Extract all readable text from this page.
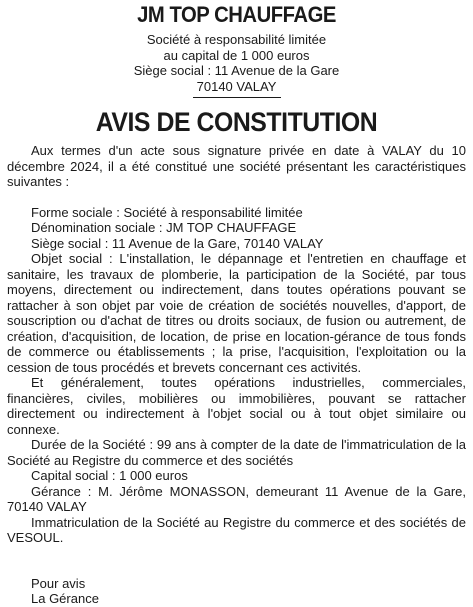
JM TOP CHAUFFAGE
Société à responsabilité limitée
au capital de 1 000 euros
Siège social : 11 Avenue de la Gare
70140 VALAY
AVIS DE CONSTITUTION

Aux termes d'un acte sous signature privée en date à VALAY du 10 décembre 2024, il a été constitué une société présentant les caractéristiques suivantes :

Forme sociale : Société à responsabilité limitée

Dénomination sociale : JM TOP CHAUFFAGE

Siège social : 11 Avenue de la Gare, 70140 VALAY

Objet social : L'installation, le dépannage et l'entretien en chauffage et sanitaire, les travaux de plomberie, la participation de la Société, par tous moyens, directement ou indirectement, dans toutes opérations pouvant se rattacher à son objet par voie de création de sociétés nouvelles, d'apport, de souscription ou d'achat de titres ou droits sociaux, de fusion ou autrement, de création, d'acquisition, de location, de prise en location-gérance de tous fonds de commerce ou établissements ; la prise, l'acquisition, l'exploitation ou la cession de tous procédés et brevets concernant ces activités.

Et généralement, toutes opérations industrielles, commerciales, financières, civiles, mobilières ou immobilières, pouvant se rattacher directement ou indirectement à l'objet social ou à tout objet similaire ou connexe.

Durée de la Société : 99 ans à compter de la date de l'immatriculation de la Société au Registre du commerce et des sociétés

Capital social : 1 000 euros

Gérance : M. Jérôme MONASSON, demeurant 11 Avenue de la Gare, 70140 VALAY

Immatriculation de la Société au Registre du commerce et des sociétés de VESOUL.

Pour avis
La Gérance
